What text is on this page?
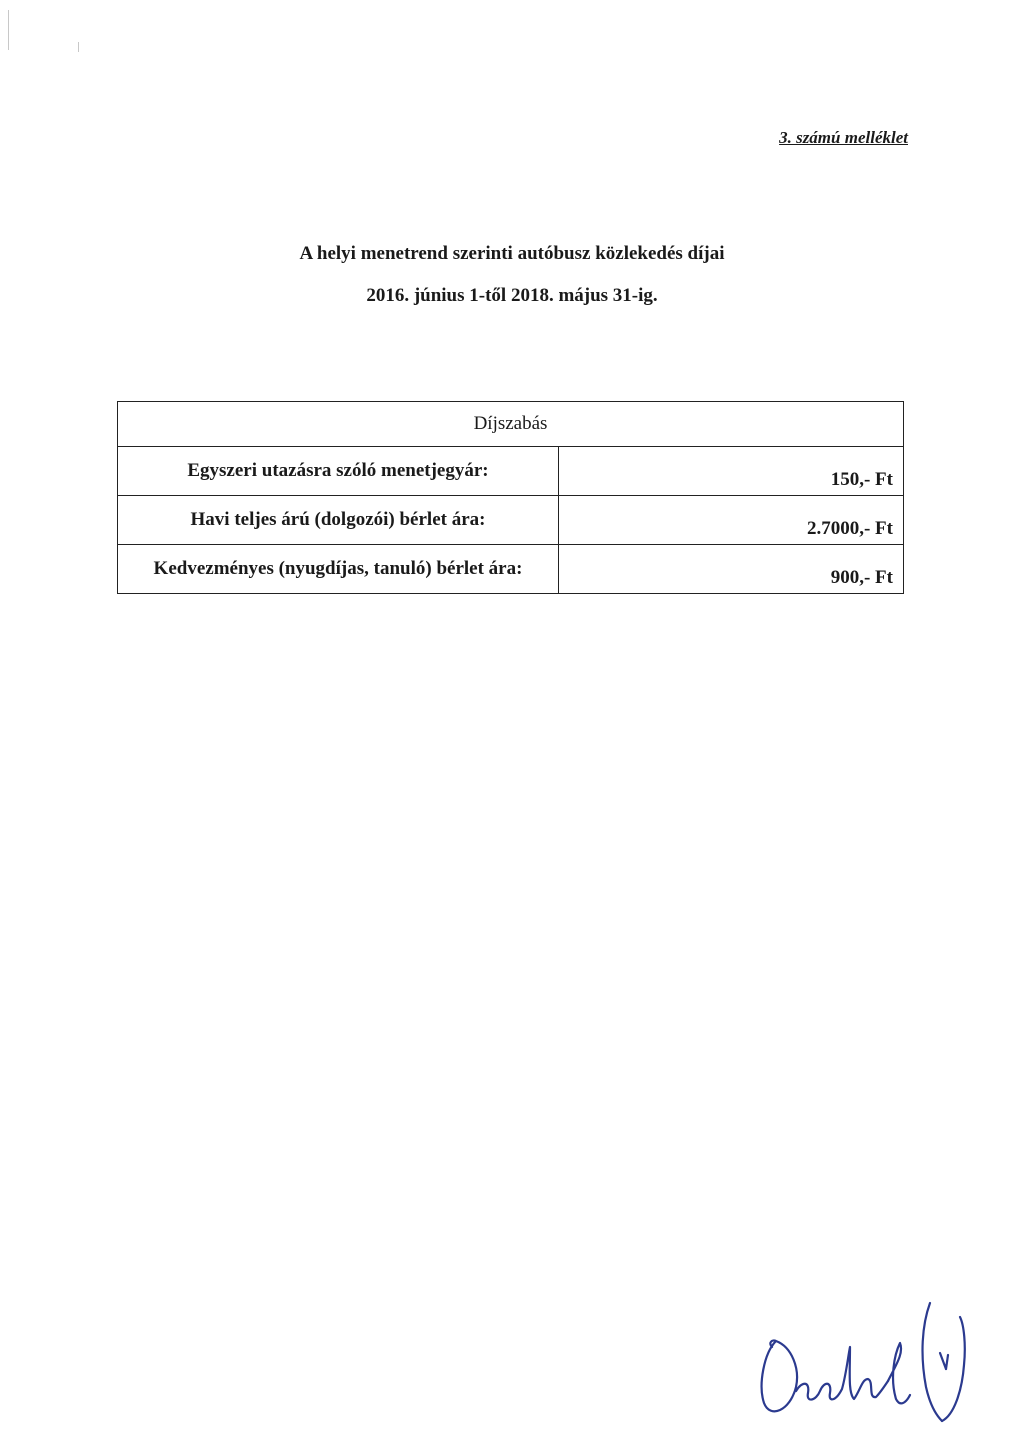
3. számú melléklet
A helyi menetrend szerinti autóbusz közlekedés díjai
2016. június 1-től 2018. május 31-ig.
Díjszabás	
Egyszeri utazásra szóló menetjegyár:	150,- Ft
Havi teljes árú (dolgozói) bérlet ára:	2.7000,- Ft
Kedvezményes (nyugdíjas, tanuló) bérlet ára:	900,- Ft
